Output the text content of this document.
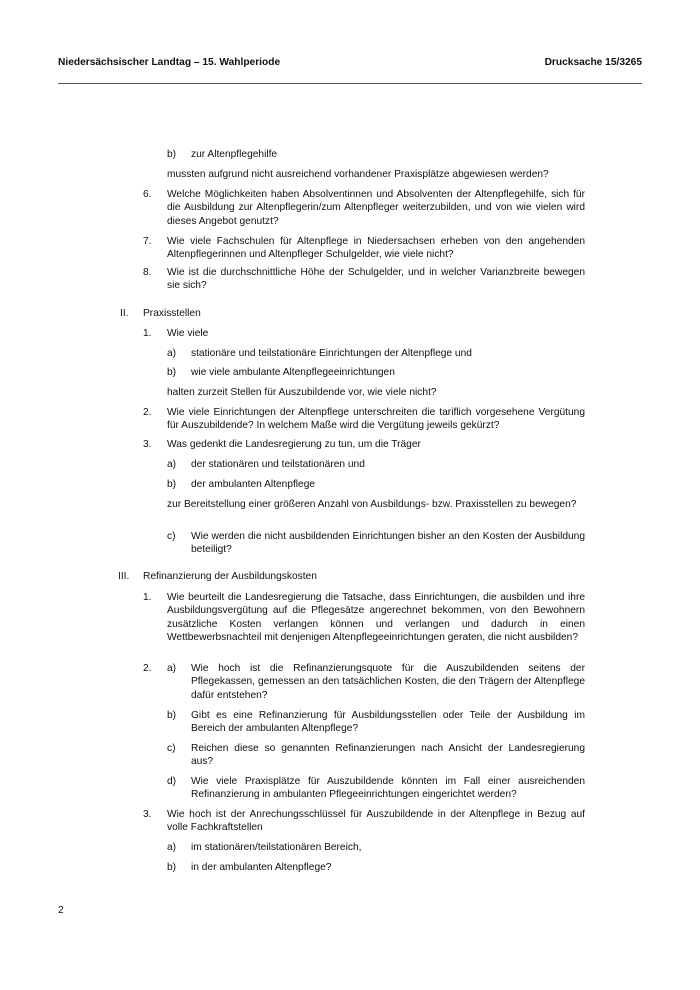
Niedersächsischer Landtag – 15. Wahlperiode	Drucksache 15/3265
b) zur Altenpflegehilfe

mussten aufgrund nicht ausreichend vorhandener Praxisplätze abgewiesen werden?

6. Welche Möglichkeiten haben Absolventinnen und Absolventen der Altenpflegehilfe, sich für die Ausbildung zur Altenpflegerin/zum Altenpfleger weiterzubilden, und von wie vielen wird dieses Angebot genutzt?

7. Wie viele Fachschulen für Altenpflege in Niedersachsen erheben von den angehenden Altenpflegerinnen und Altenpfleger Schulgelder, wie viele nicht?

8. Wie ist die durchschnittliche Höhe der Schulgelder, und in welcher Varianzbreite bewegen sie sich?

II. Praxisstellen
1. Wie viele
a) stationäre und teilstationäre Einrichtungen der Altenpflege und
b) wie viele ambulante Altenpflegeeinrichtungen

halten zurzeit Stellen für Auszubildende vor, wie viele nicht?

2. Wie viele Einrichtungen der Altenpflege unterschreiten die tariflich vorgesehene Vergütung für Auszubildende? In welchem Maße wird die Vergütung jeweils gekürzt?

3. Was gedenkt die Landesregierung zu tun, um die Träger
a) der stationären und teilstationären und
b) der ambulanten Altenpflege

zur Bereitstellung einer größeren Anzahl von Ausbildungs- bzw. Praxisstellen zu bewegen?

c) Wie werden die nicht ausbildenden Einrichtungen bisher an den Kosten der Ausbildung beteiligt?

III. Refinanzierung der Ausbildungskosten
1. Wie beurteilt die Landesregierung die Tatsache, dass Einrichtungen, die ausbilden und ihre Ausbildungsvergütung auf die Pflegesätze angerechnet bekommen, von den Bewohnern zusätzliche Kosten verlangen können und verlangen und dadurch in einen Wettbewerbsnachteil mit denjenigen Altenpflegeeinrichtungen geraten, die nicht ausbilden?

2. a) Wie hoch ist die Refinanzierungsquote für die Auszubildenden seitens der Pflegekassen, gemessen an den tatsächlichen Kosten, die den Trägern der Altenpflege dafür entstehen?

b) Gibt es eine Refinanzierung für Ausbildungsstellen oder Teile der Ausbildung im Bereich der ambulanten Altenpflege?

c) Reichen diese so genannten Refinanzierungen nach Ansicht der Landesregierung aus?

d) Wie viele Praxisplätze für Auszubildende könnten im Fall einer ausreichenden Refinanzierung in ambulanten Pflegeeinrichtungen eingerichtet werden?

3. Wie hoch ist der Anrechungsschlüssel für Auszubildende in der Altenpflege in Bezug auf volle Fachkraftstellen

a) im stationären/teilstationären Bereich,
b) in der ambulanten Altenpflege?
2
